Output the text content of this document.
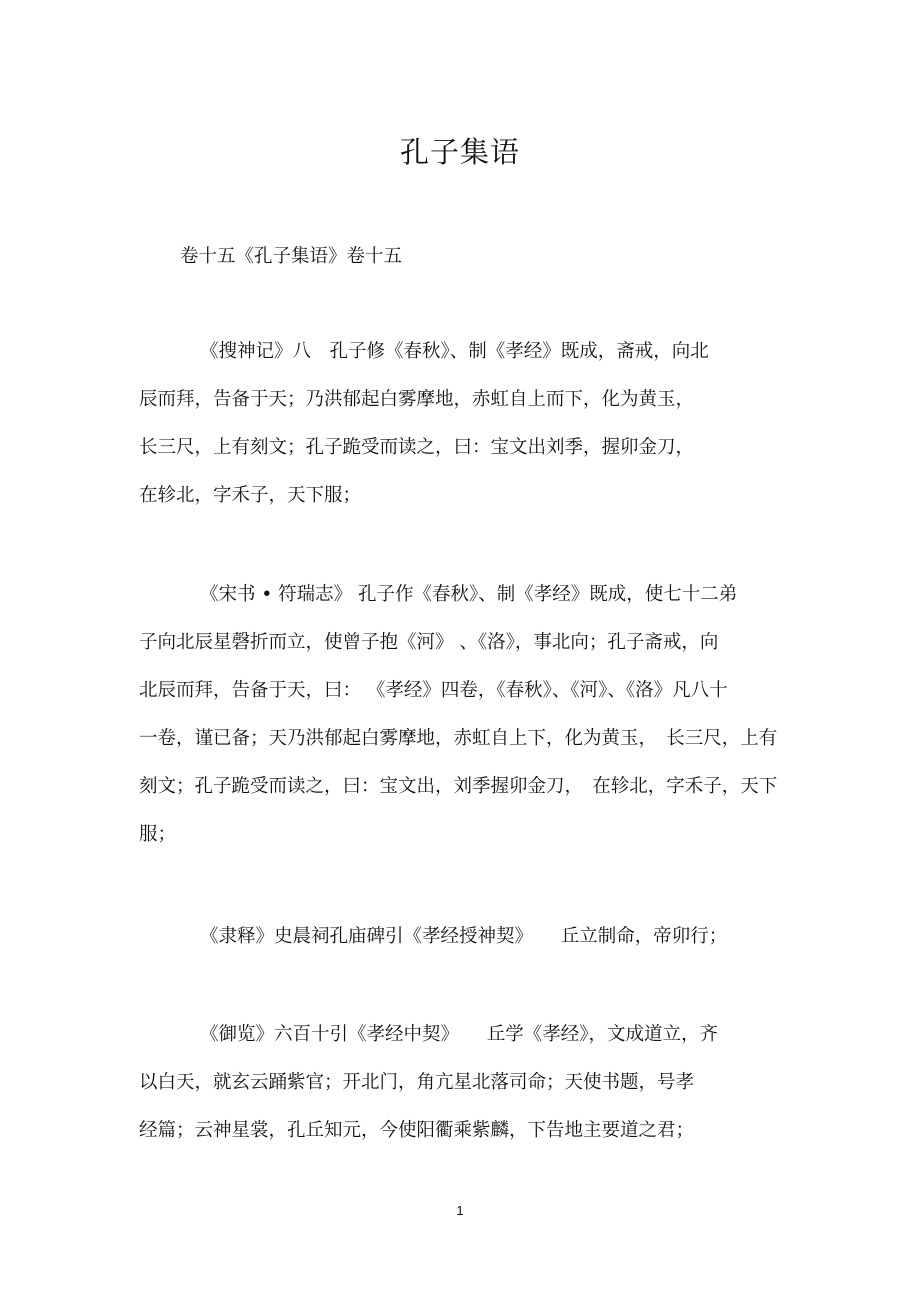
孔子集语
卷十五《孔子集语》卷十五
《搜神记》八　孔子修《春秋》、制《孝经》既成，斋戒，向北
辰而拜，告备于天；乃洪郁起白雾摩地，赤虹自上而下，化为黄玉，
长三尺，上有刻文；孔子跪受而读之，曰：宝文出刘季，握卯金刀，
在轸北，字禾子，天下服；
《宋书 • 符瑞志》 孔子作《春秋》、制《孝经》既成，使七十二弟
子向北辰星磬折而立，使曾子抱《河》 、《洛》，事北向；孔子斋戒，向
北辰而拜，告备于天，曰： 《孝经》四卷，《春秋》、《河》、《洛》凡八十
一卷，谨已备；天乃洪郁起白雾摩地，赤虹自上下，化为黄玉，　长三尺，上有
刻文；孔子跪受而读之，曰：宝文出，刘季握卯金刀，　在轸北，字禾子，天下
服；
《隶释》史晨祠孔庙碑引《孝经授神契》　　丘立制命，帝卯行；
《御览》六百十引《孝经中契》　　丘学《孝经》，文成道立，齐
以白天，就玄云踊紫官；开北门，角亢星北落司命；天使书题，号孝
经篇；云神星裳，孔丘知元，今使阳衢乘紫麟，下告地主要道之君；
1
